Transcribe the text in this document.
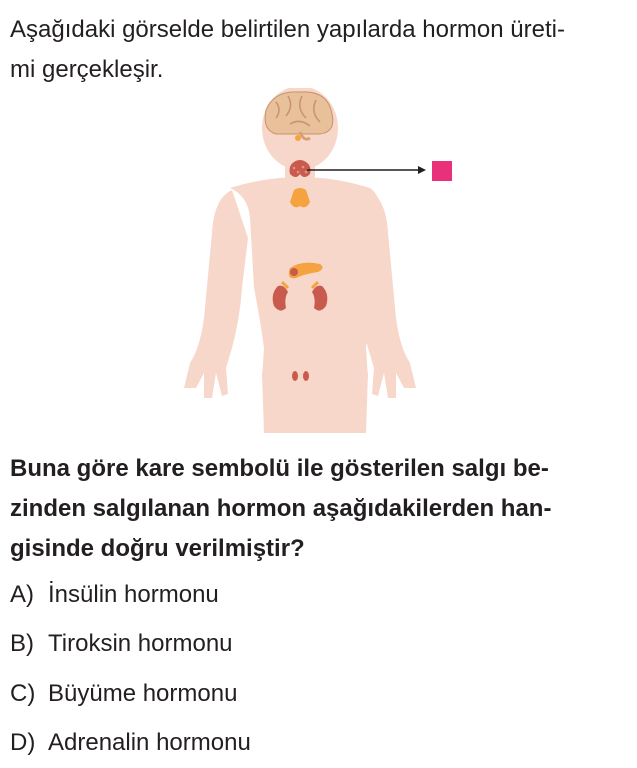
Aşağıdaki görselde belirtilen yapılarda hormon üreti-
mi gerçekleşir.
Buna göre kare sembolü ile gösterilen salgı be-
zinden salgılanan hormon aşağıdakilerden han-
gisinde doğru verilmiştir?
A) İnsülin hormonu
B) Tiroksin hormonu
C) Büyüme hormonu
D) Adrenalin hormonu
